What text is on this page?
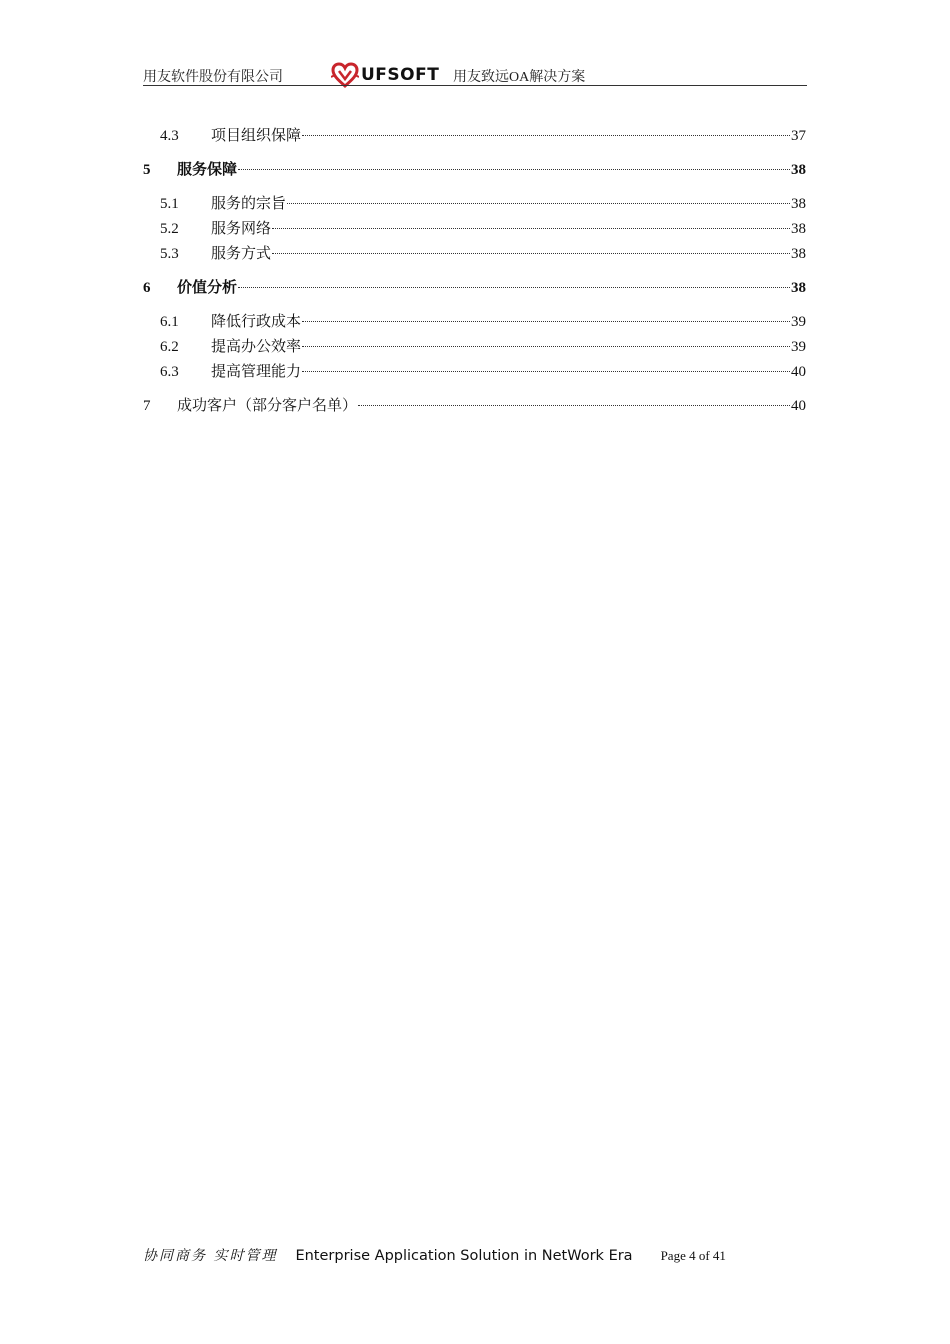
用友软件股份有限公司	UFSOFT 用友致远OA解决方案
4.3	项目组织保障	37
5	服务保障	38
5.1	服务的宗旨	38
5.2	服务网络	38
5.3	服务方式	38
6	价值分析	38
6.1	降低行政成本	39
6.2	提高办公效率	39
6.3	提高管理能力	40
7	成功客户（部分客户名单）	40
协同商务 实时管理 Enterprise Application Solution in NetWork Era Page 4 of 41
